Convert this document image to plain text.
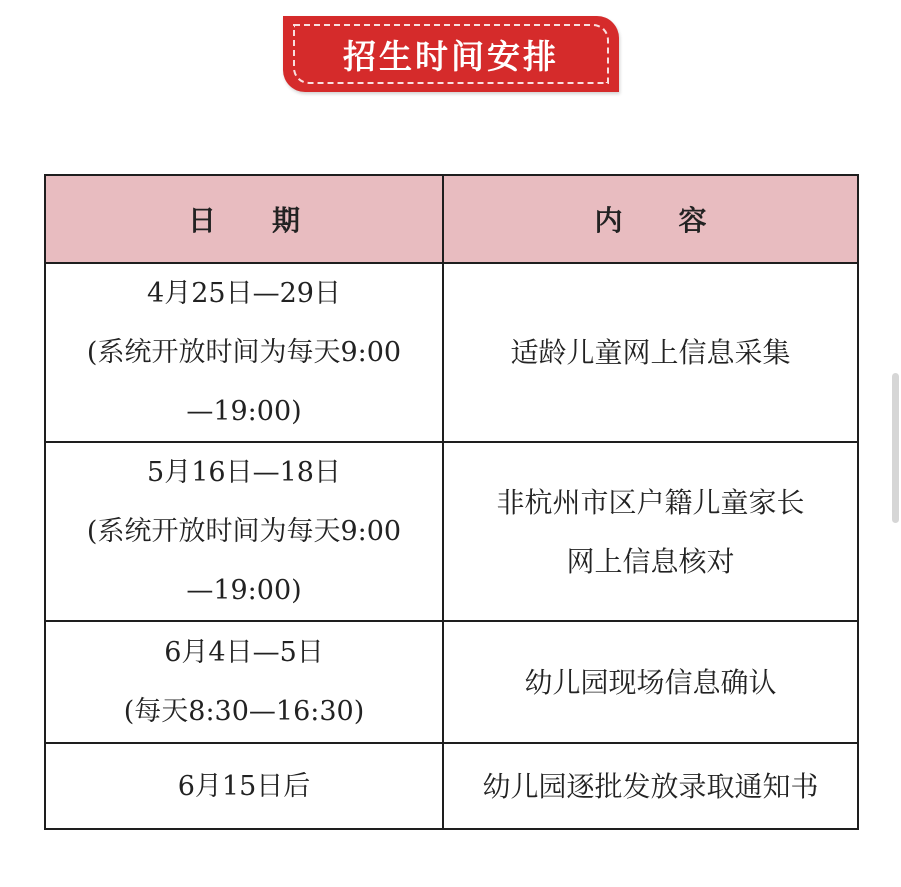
招生时间安排
日　　期	内　　容

4月25日—29日
(系统开放时间为每天9:00
—19:00)	适龄儿童网上信息采集

5月16日—18日
(系统开放时间为每天9:00
—19:00)	非杭州市区户籍儿童家长
网上信息核对

6月4日—5日
(每天8:30—16:30)	幼儿园现场信息确认

6月15日后	幼儿园逐批发放录取通知书
